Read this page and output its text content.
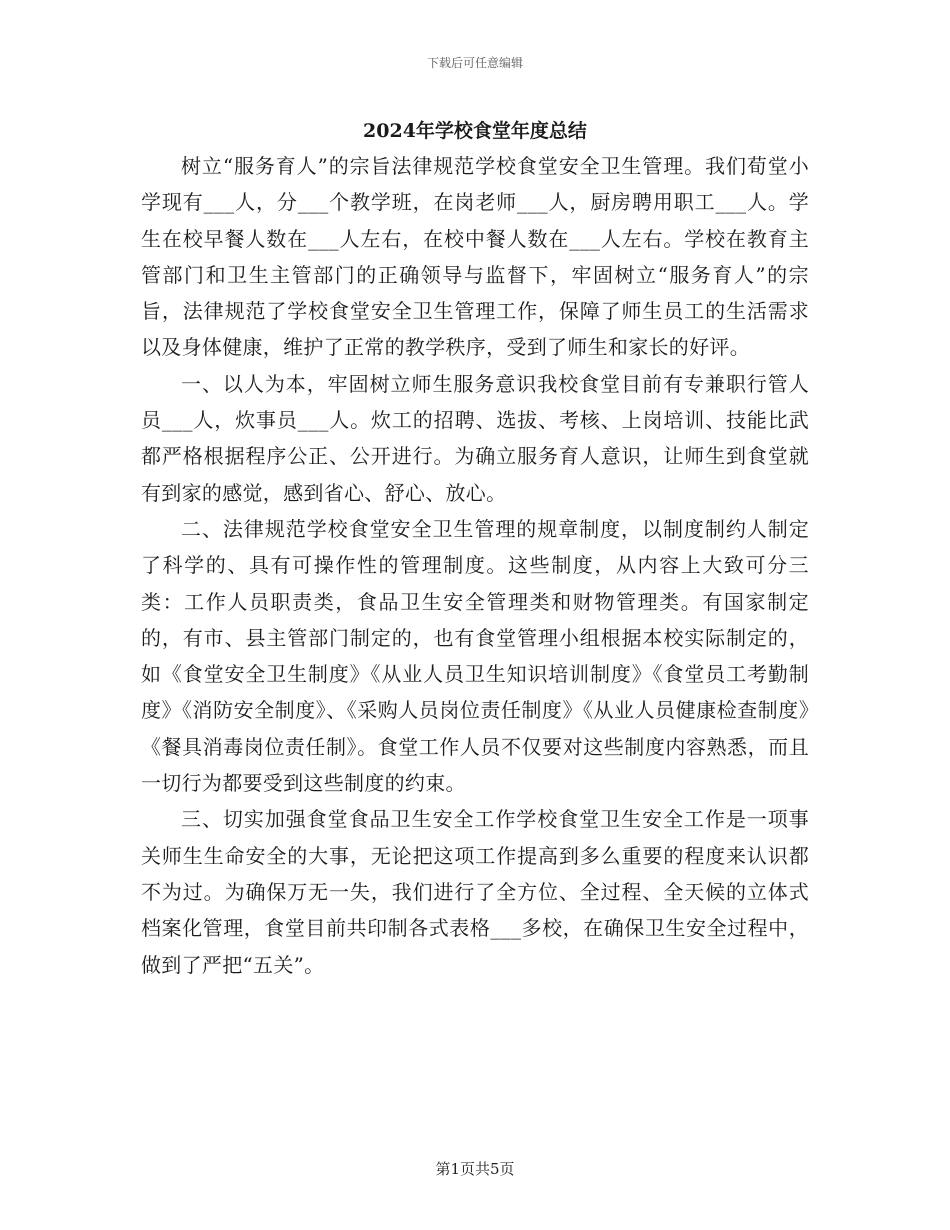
下载后可任意编辑
2024年学校食堂年度总结

树立“服务育人”的宗旨法律规范学校食堂安全卫生管理。我们荀堂小学现有___人，分___个教学班，在岗老师___人，厨房聘用职工___人。学生在校早餐人数在___人左右，在校中餐人数在___人左右。学校在教育主管部门和卫生主管部门的正确领导与监督下，牢固树立“服务育人”的宗旨，法律规范了学校食堂安全卫生管理工作，保障了师生员工的生活需求以及身体健康，维护了正常的教学秩序，受到了师生和家长的好评。

一、以人为本，牢固树立师生服务意识我校食堂目前有专兼职行管人员___人，炊事员___人。炊工的招聘、选拔、考核、上岗培训、技能比武都严格根据程序公正、公开进行。为确立服务育人意识，让师生到食堂就有到家的感觉，感到省心、舒心、放心。

二、法律规范学校食堂安全卫生管理的规章制度，以制度制约人制定了科学的、具有可操作性的管理制度。这些制度，从内容上大致可分三类：工作人员职责类，食品卫生安全管理类和财物管理类。有国家制定的，有市、县主管部门制定的，也有食堂管理小组根据本校实际制定的，如《食堂安全卫生制度》《从业人员卫生知识培训制度》《食堂员工考勤制度》《消防安全制度》、《采购人员岗位责任制度》《从业人员健康检查制度》《餐具消毒岗位责任制》。食堂工作人员不仅要对这些制度内容熟悉，而且一切行为都要受到这些制度的约束。

三、切实加强食堂食品卫生安全工作学校食堂卫生安全工作是一项事关师生生命安全的大事，无论把这项工作提高到多么重要的程度来认识都不为过。为确保万无一失，我们进行了全方位、全过程、全天候的立体式档案化管理，食堂目前共印制各式表格___多校，在确保卫生安全过程中，做到了严把“五关”。

第1页共5页
